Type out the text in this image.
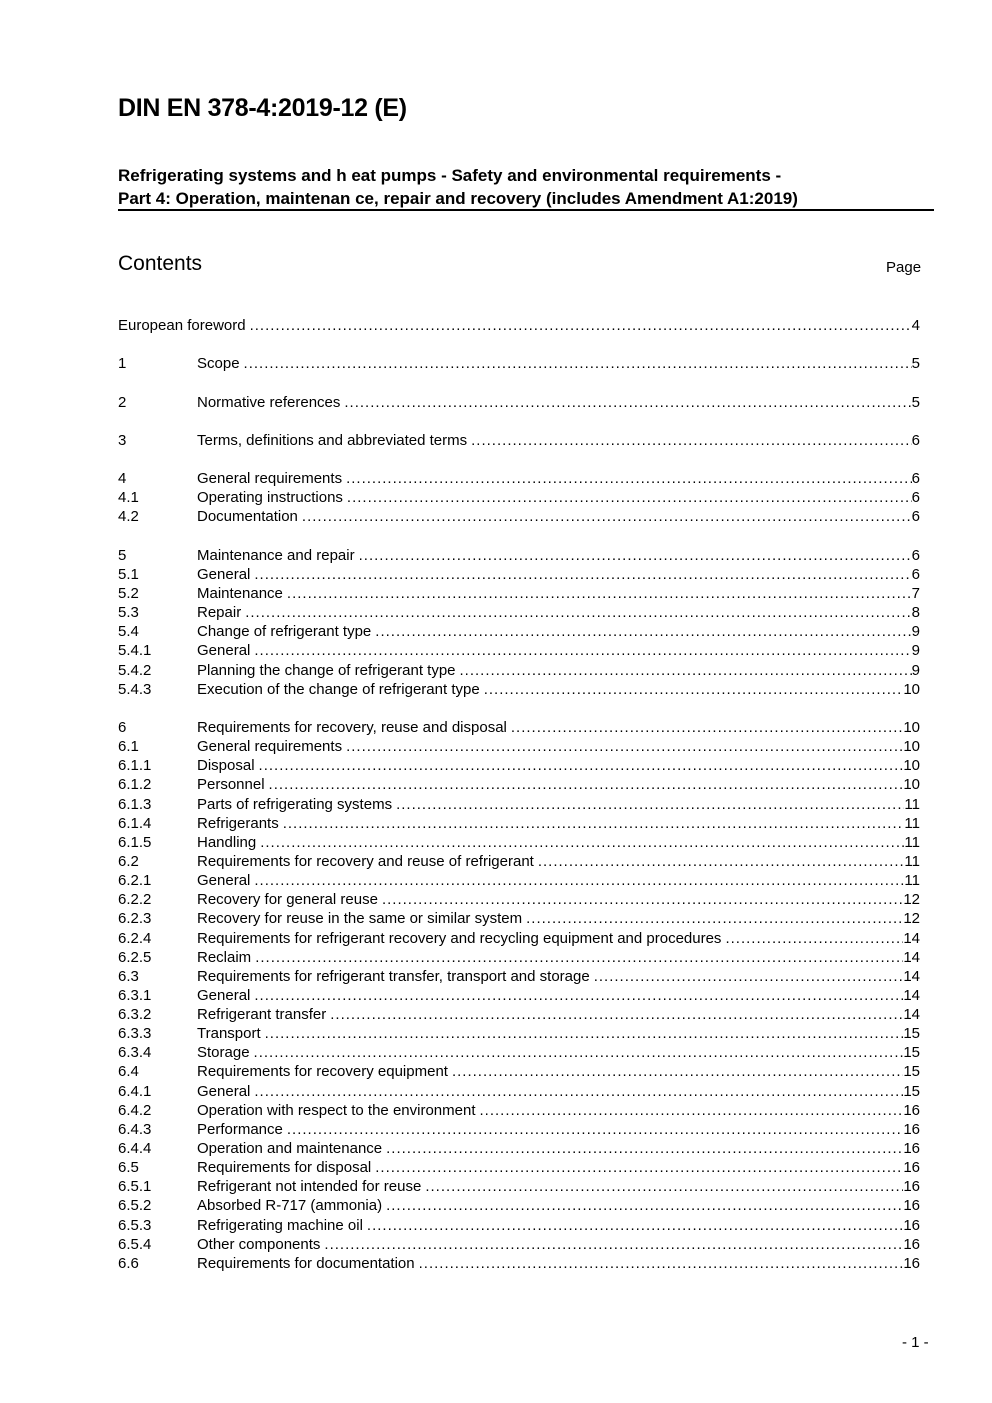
DIN EN 378-4:2019-12 (E)

Refrigerating systems and h eat pumps - Safety and environmental requirements -
Part 4: Operation, maintenan ce, repair and recovery (includes Amendment A1:2019)

Contents	Page
European foreword .....	4
1	Scope .....	5
2	Normative references .....	5
3	Terms, definitions and abbreviated terms .....	6
4	General requirements .....	6
4.1	Operating instructions .....	6
4.2	Documentation .....	6
5	Maintenance and repair .....	6
5.1	General .....	6
5.2	Maintenance .....	7
5.3	Repair .....	8
5.4	Change of refrigerant type .....	9
5.4.1	General .....	9
5.4.2	Planning the change of refrigerant type .....	9
5.4.3	Execution of the change of refrigerant type .....	10
6	Requirements for recovery, reuse and disposal .....	10
6.1	General requirements .....	10
6.1.1	Disposal .....	10
6.1.2	Personnel .....	10
6.1.3	Parts of refrigerating systems .....	11
6.1.4	Refrigerants .....	11
6.1.5	Handling .....	11
6.2	Requirements for recovery and reuse of refrigerant .....	11
6.2.1	General .....	11
6.2.2	Recovery for general reuse .....	12
6.2.3	Recovery for reuse in the same or similar system .....	12
6.2.4	Requirements for refrigerant recovery and recycling equipment and procedures .....	14
6.2.5	Reclaim .....	14
6.3	Requirements for refrigerant transfer, transport and storage .....	14
6.3.1	General .....	14
6.3.2	Refrigerant transfer .....	14
6.3.3	Transport .....	15
6.3.4	Storage .....	15
6.4	Requirements for recovery equipment .....	15
6.4.1	General .....	15
6.4.2	Operation with respect to the environment .....	16
6.4.3	Performance .....	16
6.4.4	Operation and maintenance .....	16
6.5	Requirements for disposal .....	16
6.5.1	Refrigerant not intended for reuse .....	16
6.5.2	Absorbed R-717 (ammonia) .....	16
6.5.3	Refrigerating machine oil .....	16
6.5.4	Other components .....	16
6.6	Requirements for documentation .....	16
- 1 -
